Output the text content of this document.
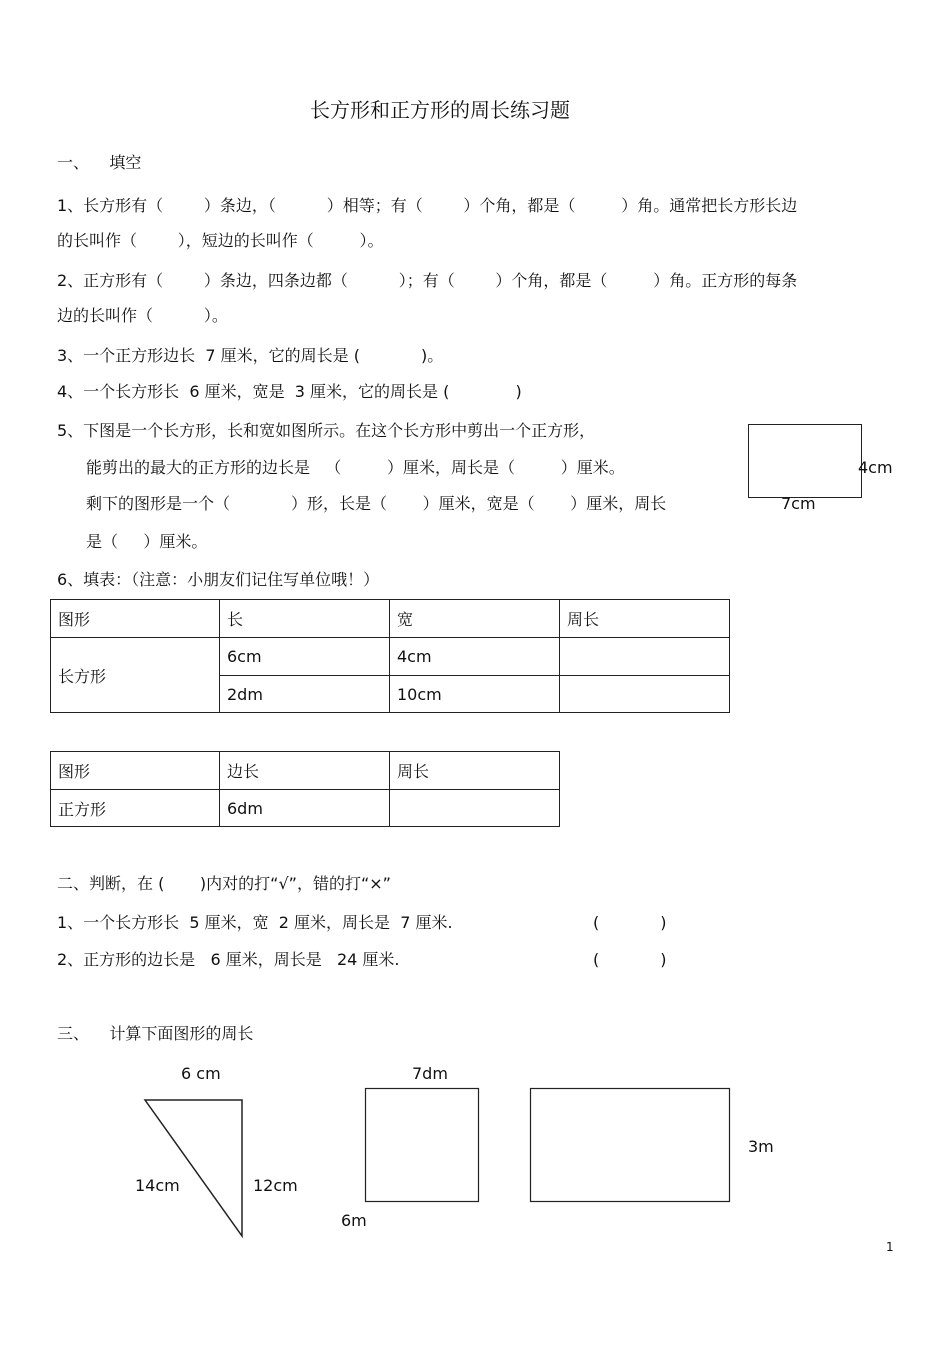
长方形和正方形的周长练习题
一、    填空
1、长方形有（        ）条边，（          ）相等；有（        ）个角，都是（         ）角。通常把长方形长边
的长叫作（        ），短边的长叫作（         ）。
2、正方形有（        ）条边，四条边都（          ）；有（        ）个角，都是（         ）角。正方形的每条
边的长叫作（          ）。
3、一个正方形边长  7 厘米，它的周长是 (            )。
4、一个长方形长  6 厘米，宽是  3 厘米，它的周长是 (             )
5、下图是一个长方形，长和宽如图所示。在这个长方形中剪出一个正方形，
能剪出的最大的正方形的边长是   （         ）厘米，周长是（         ）厘米。
剩下的图形是一个（            ）形，长是（       ）厘米，宽是（       ）厘米，周长
是（     ）厘米。
4cm
7cm
6、填表：（注意：小朋友们记住写单位哦！）
图形	长	宽	周长
长方形	6cm	4cm	
	2dm	10cm	
图形	边长	周长
正方形	6dm	
二、判断，在 (       )内对的打“√”，错的打“×”
1、一个长方形长  5 厘米，宽  2 厘米，周长是  7 厘米.	(            )
2、正方形的边长是   6 厘米，周长是   24 厘米.	(            )
三、    计算下面图形的周长
6 cm
14cm	12cm
7dm
6m
3m
1
